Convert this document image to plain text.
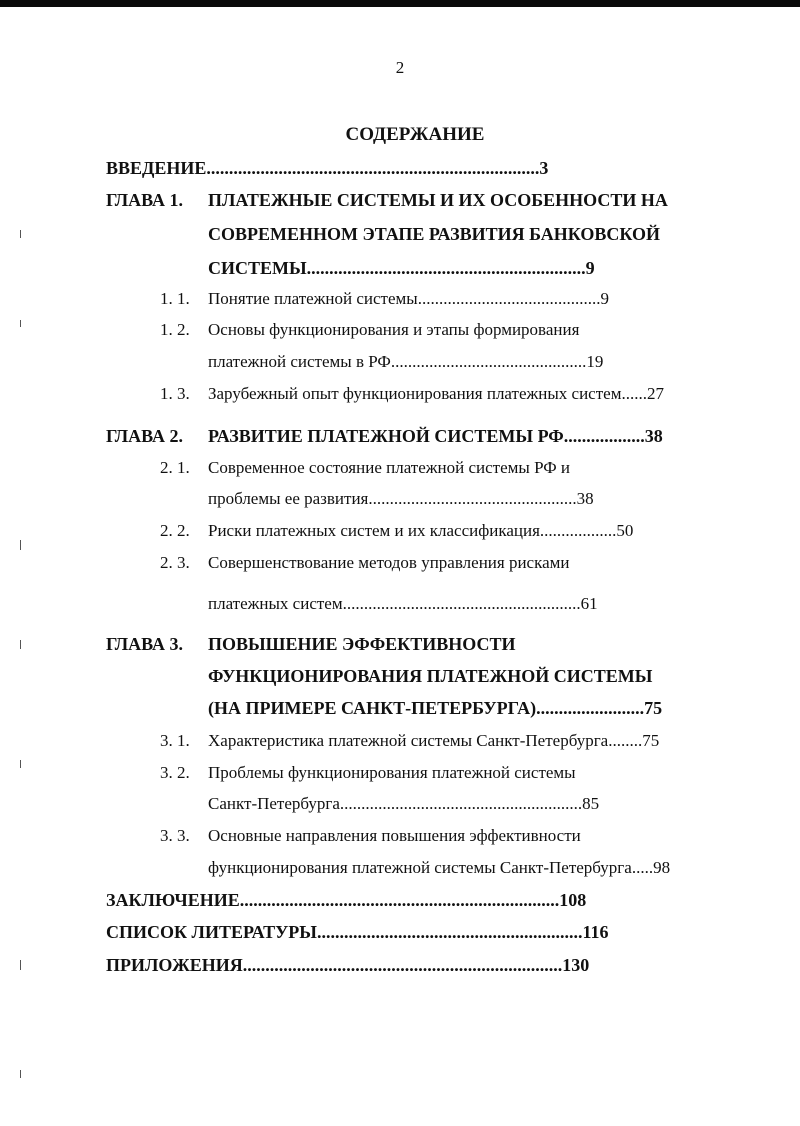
2
СОДЕРЖАНИЕ
ВВЕДЕНИЕ..........................................................................3
ГЛАВА 1. ПЛАТЕЖНЫЕ СИСТЕМЫ И ИХ ОСОБЕННОСТИ НА
СОВРЕМЕННОМ ЭТАПЕ РАЗВИТИЯ БАНКОВСКОЙ
СИСТЕМЫ..............................................................9
1. 1. Понятие платежной системы...........................................9
1. 2. Основы функционирования и этапы формирования
платежной системы в РФ..............................................19
1. 3. Зарубежный опыт функционирования платежных систем......27
ГЛАВА 2. РАЗВИТИЕ ПЛАТЕЖНОЙ СИСТЕМЫ РФ..................38
2. 1. Современное состояние платежной системы РФ и
проблемы ее развития.................................................38
2. 2. Риски платежных систем и их классификация..................50
2. 3. Совершенствование методов управления рисками
платежных систем........................................................61
ГЛАВА 3. ПОВЫШЕНИЕ ЭФФЕКТИВНОСТИ
ФУНКЦИОНИРОВАНИЯ ПЛАТЕЖНОЙ СИСТЕМЫ
(НА ПРИМЕРЕ САНКТ-ПЕТЕРБУРГА)........................75
3. 1. Характеристика платежной системы Санкт-Петербурга........75
3. 2. Проблемы функционирования платежной системы
Санкт-Петербурга.........................................................85
3. 3. Основные направления повышения эффективности
функционирования платежной системы Санкт-Петербурга.....98
ЗАКЛЮЧЕНИЕ.......................................................................108
СПИСОК ЛИТЕРАТУРЫ...........................................................116
ПРИЛОЖЕНИЯ.......................................................................130
